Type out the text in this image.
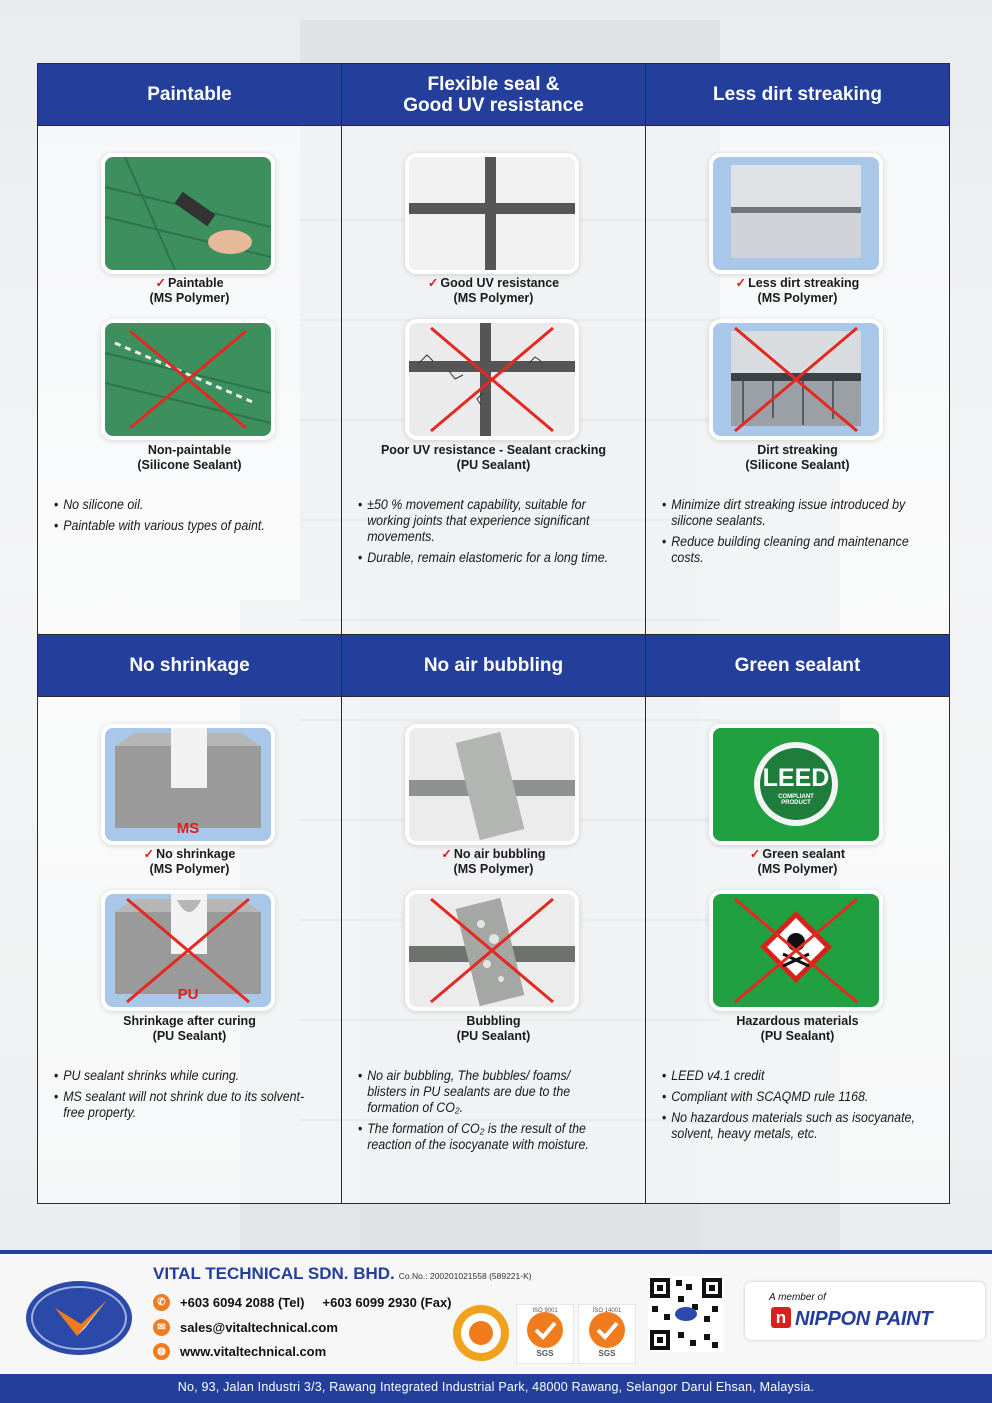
Paintable
✓ Paintable
(MS Polymer)
Non-paintable
(Silicone Sealant)
• No silicone oil.
• Paintable with various types of paint.
Flexible seal &
Good UV resistance
✓ Good UV resistance
(MS Polymer)
Poor UV resistance - Sealant cracking
(PU Sealant)
• ±50 % movement capability, suitable for working joints that experience significant movements.
• Durable, remain elastomeric for a long time.
Less dirt streaking
✓ Less dirt streaking
(MS Polymer)
Dirt streaking
(Silicone Sealant)
• Minimize dirt streaking issue introduced by silicone sealants.
• Reduce building cleaning and maintenance costs.
No shrinkage
MS
✓ No shrinkage
(MS Polymer)
PU
Shrinkage after curing
(PU Sealant)
• PU sealant shrinks while curing.
• MS sealant will not shrink due to its solvent-free property.
No air bubbling
✓ No air bubbling
(MS Polymer)
Bubbling
(PU Sealant)
• No air bubbling, The bubbles/ foams/ blisters in PU sealants are due to the formation of CO₂.
• The formation of CO₂ is the result of the reaction of the isocyanate with moisture.
Green sealant
LEED
COMPLIANT
PRODUCT
✓ Green sealant
(MS Polymer)
Hazardous materials
(PU Sealant)
• LEED v4.1 credit
• Compliant with SCAQMD rule 1168.
• No hazardous materials such as isocyanate, solvent, heavy metals, etc.
VITAL TECHNICAL SDN. BHD. Co.No.: 200201021558 (589221-K)
✆	+603 6094 2088 (Tel)     +603 6099 2930 (Fax)
✉	sales@vitaltechnical.com
◍	www.vitaltechnical.com	SGS
ISO 9001
SGS
ISO 14001
A member of
n NIPPON PAINT
No, 93, Jalan Industri 3/3, Rawang Integrated Industrial Park, 48000 Rawang, Selangor Darul Ehsan, Malaysia.
